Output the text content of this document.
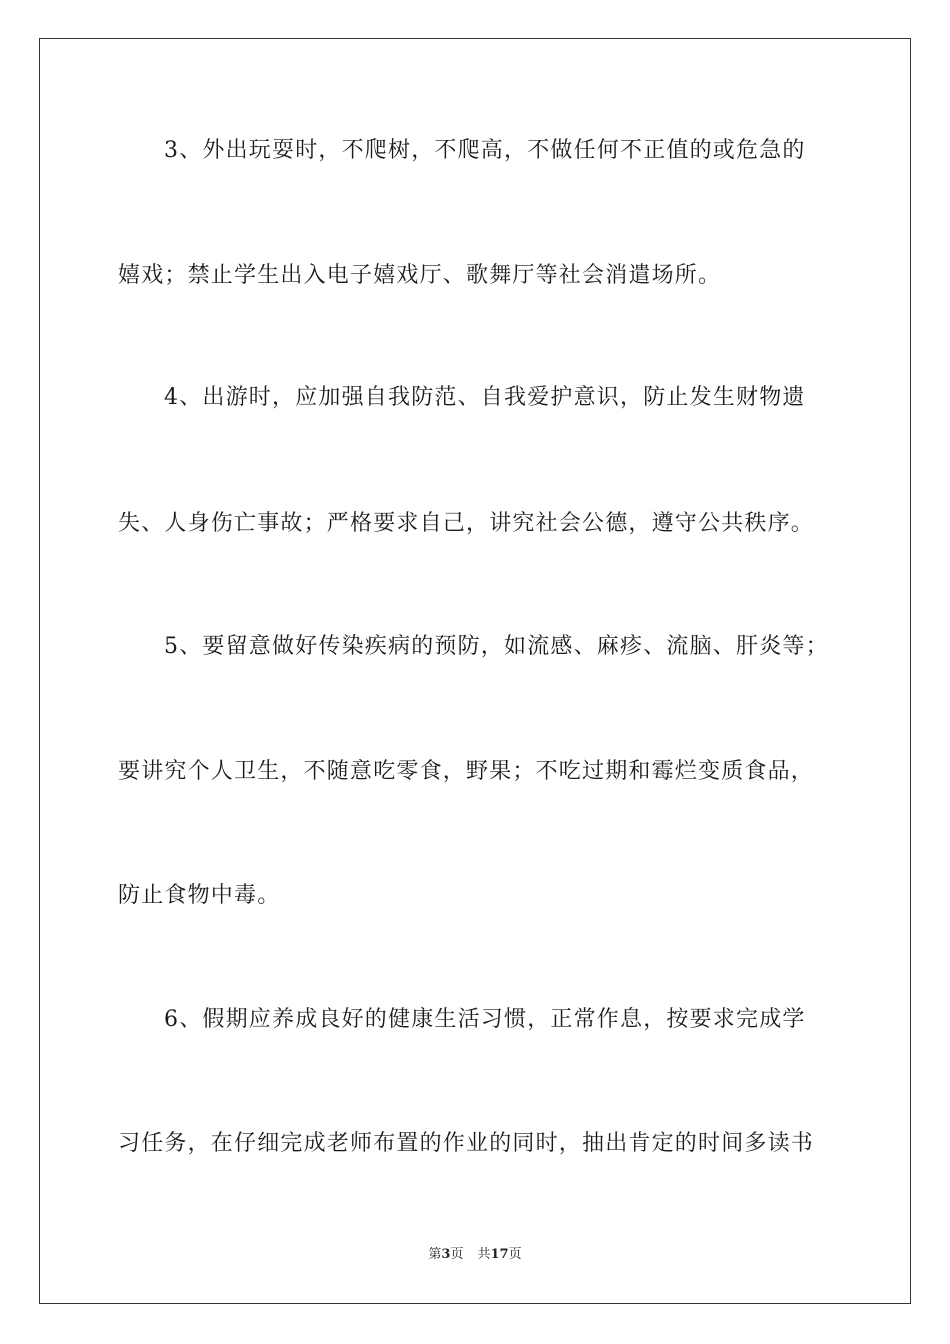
3、外出玩耍时，不爬树，不爬高，不做任何不正值的或危急的
嬉戏；禁止学生出入电子嬉戏厅、歌舞厅等社会消遣场所。
4、出游时，应加强自我防范、自我爱护意识，防止发生财物遗
失、人身伤亡事故；严格要求自己，讲究社会公德，遵守公共秩序。
5、要留意做好传染疾病的预防，如流感、麻疹、流脑、肝炎等；
要讲究个人卫生，不随意吃零食，野果；不吃过期和霉烂变质食品，
防止食物中毒。
6、假期应养成良好的健康生活习惯，正常作息，按要求完成学
习任务，在仔细完成老师布置的作业的同时，抽出肯定的时间多读书
第3页 共17页
